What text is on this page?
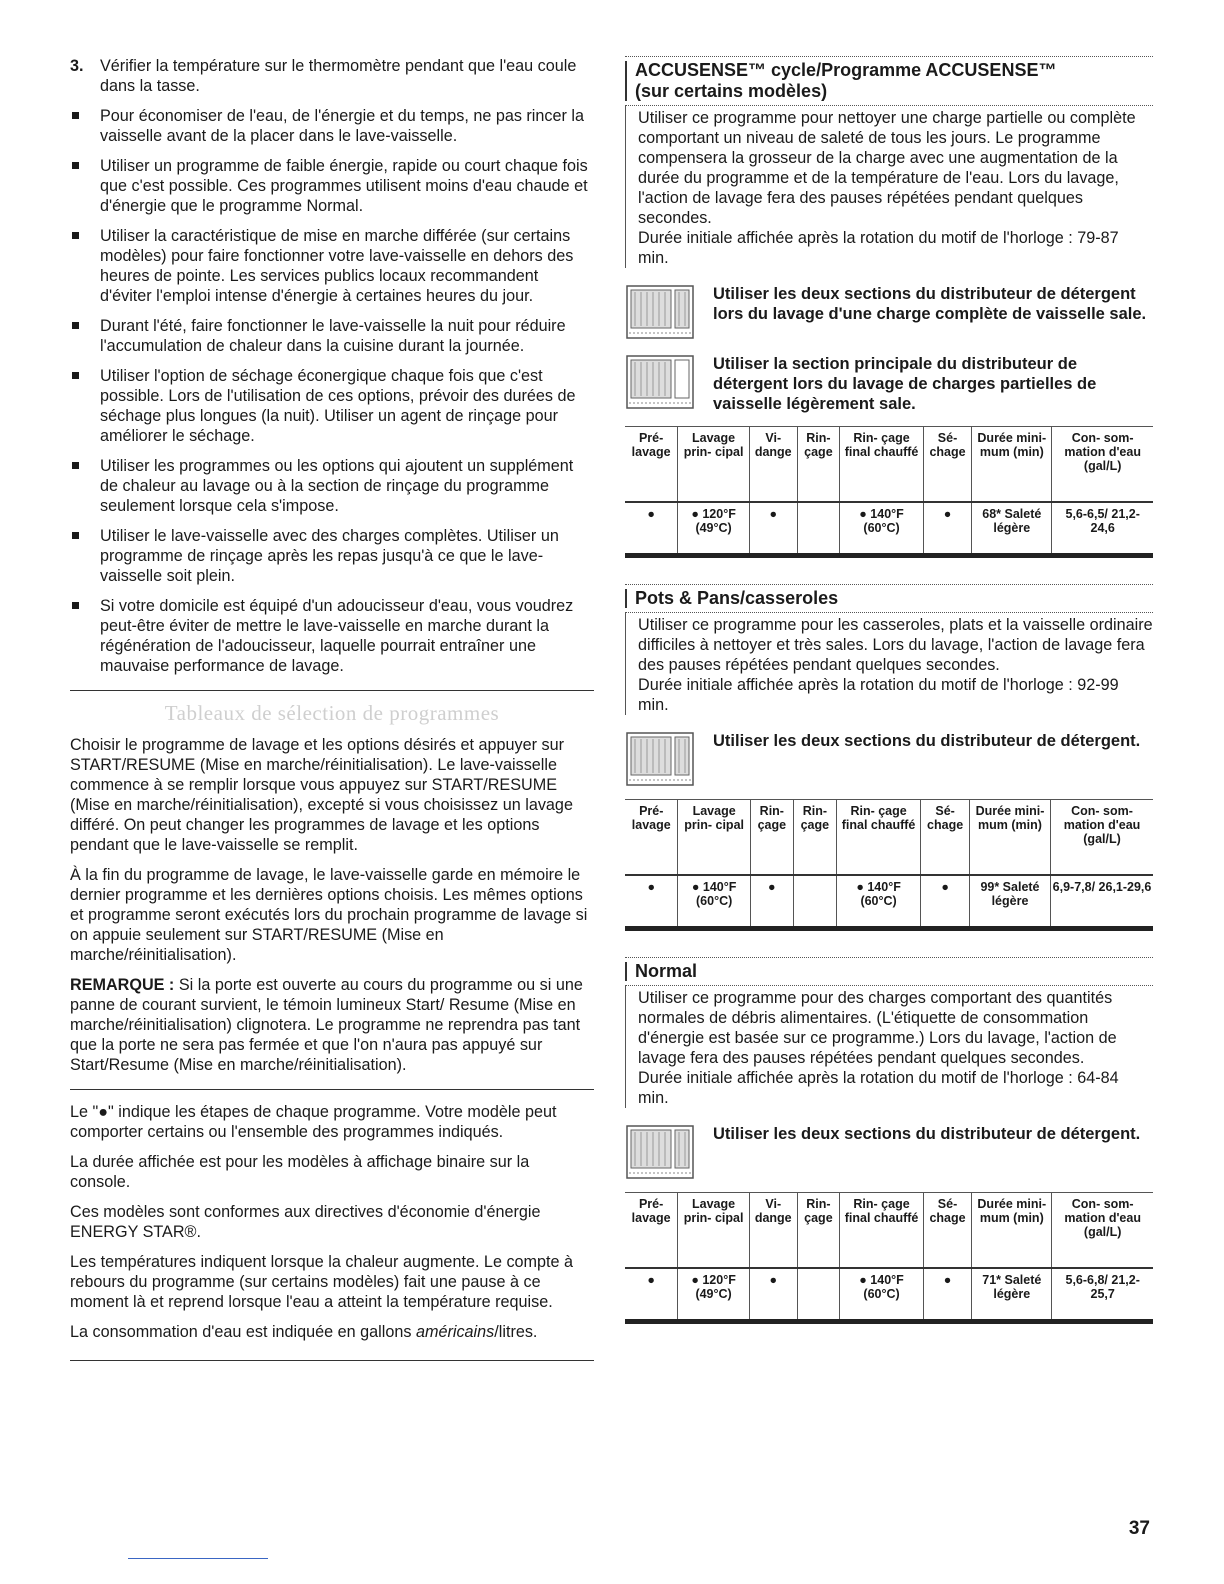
3. Vérifier la température sur le thermomètre pendant que l'eau coule dans la tasse.
Pour économiser de l'eau, de l'énergie et du temps, ne pas rincer la vaisselle avant de la placer dans le lave-vaisselle.
Utiliser un programme de faible énergie, rapide ou court chaque fois que c'est possible. Ces programmes utilisent moins d'eau chaude et d'énergie que le programme Normal.
Utiliser la caractéristique de mise en marche différée (sur certains modèles) pour faire fonctionner votre lave-vaisselle en dehors des heures de pointe. Les services publics locaux recommandent d'éviter l'emploi intense d'énergie à certaines heures du jour.
Durant l'été, faire fonctionner le lave-vaisselle la nuit pour réduire l'accumulation de chaleur dans la cuisine durant la journée.
Utiliser l'option de séchage éconergique chaque fois que c'est possible. Lors de l'utilisation de ces options, prévoir des durées de séchage plus longues (la nuit). Utiliser un agent de rinçage pour améliorer le séchage.
Utiliser les programmes ou les options qui ajoutent un supplément de chaleur au lavage ou à la section de rinçage du programme seulement lorsque cela s'impose.
Utiliser le lave-vaisselle avec des charges complètes. Utiliser un programme de rinçage après les repas jusqu'à ce que le lave-vaisselle soit plein.
Si votre domicile est équipé d'un adoucisseur d'eau, vous voudrez peut-être éviter de mettre le lave-vaisselle en marche durant la régénération de l'adoucisseur, laquelle pourrait entraîner une mauvaise performance de lavage.
Tableaux de sélection de programmes

Choisir le programme de lavage et les options désirés et appuyer sur START/RESUME (Mise en marche/réinitialisation). Le lave-vaisselle commence à se remplir lorsque vous appuyez sur START/RESUME (Mise en marche/réinitialisation), excepté si vous choisissez un lavage différé. On peut changer les programmes de lavage et les options pendant que le lave-vaisselle se remplit.

À la fin du programme de lavage, le lave-vaisselle garde en mémoire le dernier programme et les dernières options choisis. Les mêmes options et programme seront exécutés lors du prochain programme de lavage si on appuie seulement sur START/RESUME (Mise en marche/réinitialisation).

REMARQUE : Si la porte est ouverte au cours du programme ou si une panne de courant survient, le témoin lumineux Start/ Resume (Mise en marche/réinitialisation) clignotera. Le programme ne reprendra pas tant que la porte ne sera pas fermée et que l'on n'aura pas appuyé sur Start/Resume (Mise en marche/réinitialisation).

Le "●" indique les étapes de chaque programme. Votre modèle peut comporter certains ou l'ensemble des programmes indiqués.

La durée affichée est pour les modèles à affichage binaire sur la console.

Ces modèles sont conformes aux directives d'économie d'énergie ENERGY STAR®.

Les températures indiquent lorsque la chaleur augmente. Le compte à rebours du programme (sur certains modèles) fait une pause à ce moment là et reprend lorsque l'eau a atteint la température requise.

La consommation d'eau est indiquée en gallons américains/litres.

ACCUSENSE™ cycle/Programme ACCUSENSE™
(sur certains modèles)

Utiliser ce programme pour nettoyer une charge partielle ou complète comportant un niveau de saleté de tous les jours. Le programme compensera la grosseur de la charge avec une augmentation de la durée du programme et de la température de l'eau. Lors du lavage, l'action de lavage fera des pauses répétées pendant quelques secondes.

Durée initiale affichée après la rotation du motif de l'horloge : 79-87 min.

Utiliser les deux sections du distributeur de détergent lors du lavage d'une charge complète de vaisselle sale.
Utiliser la section principale du distributeur de détergent lors du lavage de charges partielles de vaisselle légèrement sale.
Pré- lavage	Lavage prin- cipal	Vi- dange	Rin- çage	Rin- çage final chauffé	Sé- chage	Durée mini- mum (min)	Con- som- mation d'eau (gal/L)
●	● 120°F (49°C)	●		● 140°F (60°C)	●	68* Saleté légère	5,6-6,5/ 21,2-24,6
Pots & Pans/casseroles

Utiliser ce programme pour les casseroles, plats et la vaisselle ordinaire difficiles à nettoyer et très sales. Lors du lavage, l'action de lavage fera des pauses répétées pendant quelques secondes.

Durée initiale affichée après la rotation du motif de l'horloge : 92-99 min.

Utiliser les deux sections du distributeur de détergent.
Pré- lavage	Lavage prin- cipal	Rin- çage	Rin- çage	Rin- çage final chauffé	Sé- chage	Durée mini- mum (min)	Con- som- mation d'eau (gal/L)
●	● 140°F (60°C)	●		● 140°F (60°C)	●	99* Saleté légère	6,9-7,8/ 26,1-29,6
Normal

Utiliser ce programme pour des charges comportant des quantités normales de débris alimentaires. (L'étiquette de consommation d'énergie est basée sur ce programme.) Lors du lavage, l'action de lavage fera des pauses répétées pendant quelques secondes.

Durée initiale affichée après la rotation du motif de l'horloge : 64-84 min.

Utiliser les deux sections du distributeur de détergent.
Pré- lavage	Lavage prin- cipal	Vi- dange	Rin- çage	Rin- çage final chauffé	Sé- chage	Durée mini- mum (min)	Con- som- mation d'eau (gal/L)
●	● 120°F (49°C)	●		● 140°F (60°C)	●	71* Saleté légère	5,6-6,8/ 21,2-25,7
37
